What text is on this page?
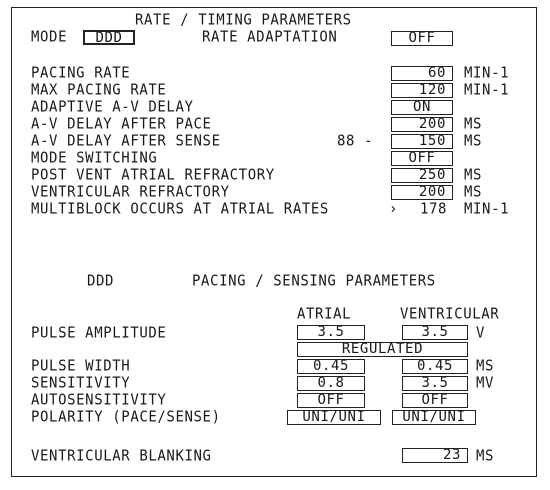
RATE / TIMING PARAMETERS
MODE	DDD	RATE ADAPTATION	OFF
PACING RATE	60	MIN-1
MAX PACING RATE	120	MIN-1
ADAPTIVE A-V DELAY	ON
A-V DELAY AFTER PACE	200	MS
A-V DELAY AFTER SENSE	88 -	150	MS
MODE SWITCHING	OFF
POST VENT ATRIAL REFRACTORY	250	MS
VENTRICULAR REFRACTORY	200	MS
MULTIBLOCK OCCURS AT ATRIAL RATES	› 178 MIN-1
DDD	PACING / SENSING PARAMETERS
ATRIAL	VENTRICULAR
PULSE AMPLITUDE	3.5	3.5	V
REGULATED
PULSE WIDTH	0.45	0.45	MS
SENSITIVITY	0.8	3.5	MV
AUTOSENSITIVITY	OFF	OFF
POLARITY (PACE/SENSE)	UNI/UNI	UNI/UNI
VENTRICULAR BLANKING	23	MS
